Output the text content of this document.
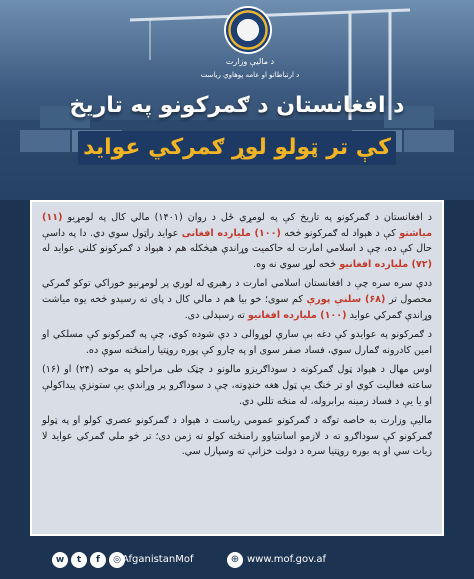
د مالیې وزارت
د ارتباطاتو او عامه پوهاوي ریاست
د افغانستان د ګمرکونو په تاریخ
کې تر ټولو لوړ ګمرکي عواید

د افغانستان د ګمرکونو په تاریخ کې په لومړي ځل د روان (۱۴۰۱) مالي کال په لومړیو (۱۱) میاشتو کې د هېواد له ګمرکونو څخه (۱۰۰) ملیارده افغانی عواید راټول سوي دي. دا په داسې حال کې ده، چې د اسلامي امارت له حاکمیت وړاندې هیڅکله هم د هېواد د ګمرکونو کلني عواید له (۷۲) ملیارده افغانیو څخه لوړ سوي نه وه.

ددې سره سره چې د افغانستان اسلامي امارت د رهبرۍ له لوري پر لومړنیو خوراکي توکو ګمرکي محصول تر (۶۸) سلنې پورې کم سوی؛ خو بیا هم د مالي کال د پای ته رسېدو څخه یوه میاشت وړاندې ګمرکي عواید (۱۰۰) ملیارده افغانیو ته رسېدلی دی.

د ګمرکونو په عوایدو کې دغه بې سارې لوړوالی د دې شوده کوي، چې په ګمرکونو کې مسلکي او امین کادرونه ګمارل سوي، فساد صفر سوی او په چارو کې پوره روڼتیا رامنځته سوې ده.

اوس مهال د هېواد ټول ګمرکونه د سوداګریزو مالونو د چټک طی مراحلو په موخه (۲۴) او (۱۶) ساعته فعالیت کوي او تر څنګ یې ټول هغه خنډونه، چې د سوداګرو پر وړاندې یې ستونزې پیداکولې او یا یې د فساد زمینه برابروله، له منځه تللي دي.

مالیې وزارت به خاصه توګه د ګمرکونو عمومي ریاست د هېواد د ګمرکونو عصري کولو او په ټولو ګمرکونو کې سوداګرو ته د لازمو اسانتیاوو رامنځته کولو ته ژمن دی؛ تر څو ملي ګمرکي عواید لا زیات سي او په بوره روڼتیا سره د دولت خزانې ته وسپارل سي.

w	t	f	◎ AfganistanMof	⊕ www.mof.gov.af
